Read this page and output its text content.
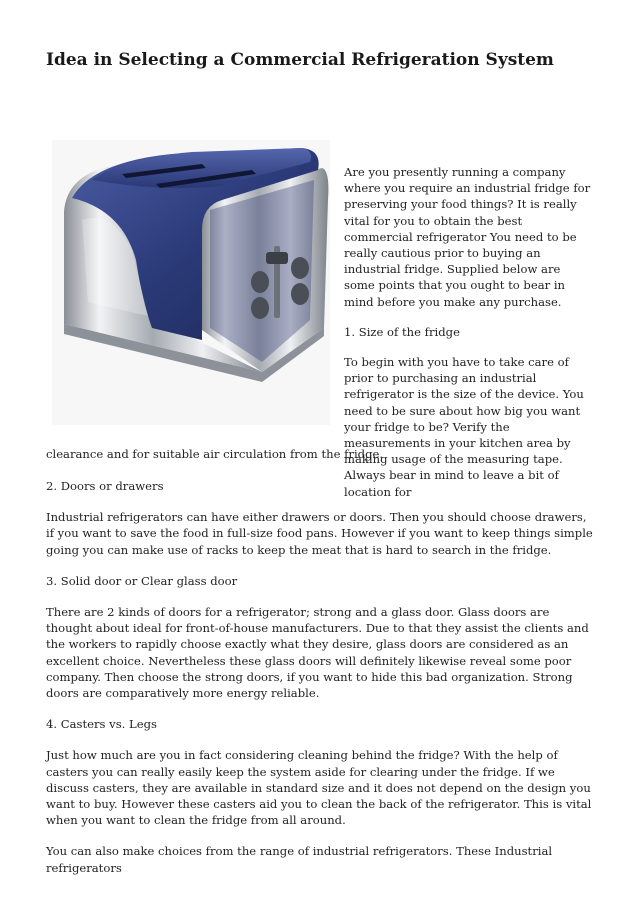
Idea in Selecting a Commercial Refrigeration System

Are you presently running a company where you require an industrial fridge for preserving your food things? It is really vital for you to obtain the best commercial refrigerator You need to be really cautious prior to buying an industrial fridge. Supplied below are some points that you ought to bear in mind before you make any purchase.

1. Size of the fridge

To begin with you have to take care of prior to purchasing an industrial refrigerator is the size of the device. You need to be sure about how big you want your fridge to be? Verify the measurements in your kitchen area by making usage of the measuring tape. Always bear in mind to leave a bit of location for

clearance and for suitable air circulation from the fridge.

2. Doors or drawers

Industrial refrigerators can have either drawers or doors. Then you should choose drawers, if you want to save the food in full-size food pans. However if you want to keep things simple going you can make use of racks to keep the meat that is hard to search in the fridge.

3. Solid door or Clear glass door

There are 2 kinds of doors for a refrigerator; strong and a glass door. Glass doors are thought about ideal for front-of-house manufacturers. Due to that they assist the clients and the workers to rapidly choose exactly what they desire, glass doors are considered as an excellent choice. Nevertheless these glass doors will definitely likewise reveal some poor company. Then choose the strong doors, if you want to hide this bad organization. Strong doors are comparatively more energy reliable.

4. Casters vs. Legs

Just how much are you in fact considering cleaning behind the fridge? With the help of casters you can really easily keep the system aside for clearing under the fridge. If we discuss casters, they are available in standard size and it does not depend on the design you want to buy. However these casters aid you to clean the back of the refrigerator. This is vital when you want to clean the fridge from all around.

You can also make choices from the range of industrial refrigerators. These Industrial refrigerators
